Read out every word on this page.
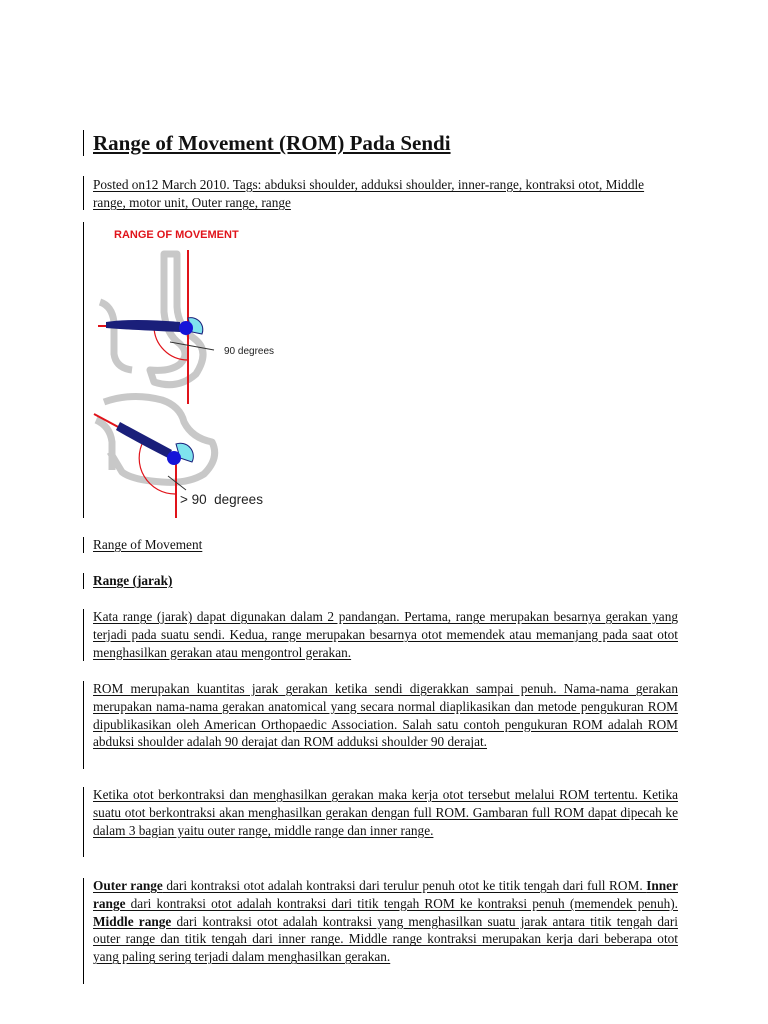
Range of Movement (ROM) Pada Sendi
Posted on12 March 2010. Tags: abduksi shoulder, adduksi shoulder, inner-range, kontraksi otot, Middle range, motor unit, Outer range, range
RANGE OF MOVEMENT
90 degrees
> 90  degrees
Range of Movement
Range (jarak)
Kata range (jarak) dapat digunakan dalam 2 pandangan. Pertama, range merupakan besarnya gerakan yang terjadi pada suatu sendi. Kedua, range merupakan besarnya otot memendek atau memanjang pada saat otot menghasilkan gerakan atau mengontrol gerakan.
ROM merupakan kuantitas jarak gerakan ketika sendi digerakkan sampai penuh. Nama-nama gerakan merupakan nama-nama gerakan anatomical yang secara normal diaplikasikan dan metode pengukuran ROM dipublikasikan oleh American Orthopaedic Association. Salah satu contoh pengukuran ROM adalah ROM abduksi shoulder adalah 90 derajat dan ROM adduksi shoulder 90 derajat.
Ketika otot berkontraksi dan menghasilkan gerakan maka kerja otot tersebut melalui ROM tertentu. Ketika suatu otot berkontraksi akan menghasilkan gerakan dengan full ROM. Gambaran full ROM dapat dipecah ke dalam 3 bagian yaitu outer range, middle range dan inner range.
Outer range dari kontraksi otot adalah kontraksi dari terulur penuh otot ke titik tengah dari full ROM. Inner range dari kontraksi otot adalah kontraksi dari titik tengah ROM ke kontraksi penuh (memendek penuh). Middle range dari kontraksi otot adalah kontraksi yang menghasilkan suatu jarak antara titik tengah dari outer range dan titik tengah dari inner range. Middle range kontraksi merupakan kerja dari beberapa otot yang paling sering terjadi dalam menghasilkan gerakan.
